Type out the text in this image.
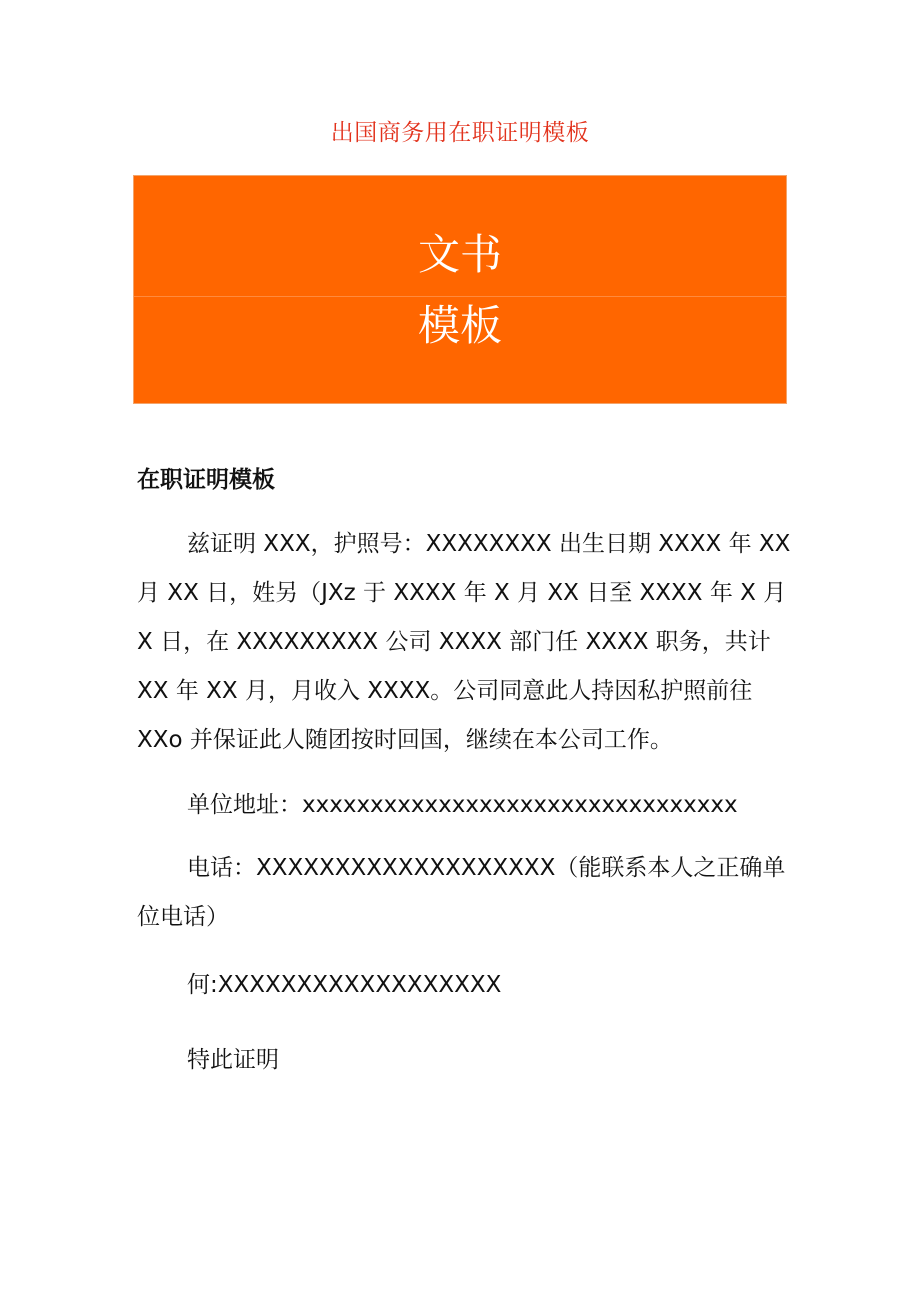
出国商务用在职证明模板
文书
模板
在职证明模板
兹证明 XXX，护照号：XXXXXXXX 出生日期 XXXX 年 XX
月 XX 日，姓另（JXz 于 XXXX 年 X 月 XX 日至 XXXX 年 X 月
X 日，在 XXXXXXXXX 公司 XXXX 部门任 XXXX 职务，共计
XX 年 XX 月，月收入 XXXX。公司同意此人持因私护照前往
XXo 并保证此人随团按时回国，继续在本公司工作。
单位地址：xxxxxxxxxxxxxxxxxxxxxxxxxxxxxxxx
电话：XXXXXXXXXXXXXXXXXXX（能联系本人之正确单
位电话）
何:XXXXXXXXXXXXXXXXXX
特此证明
